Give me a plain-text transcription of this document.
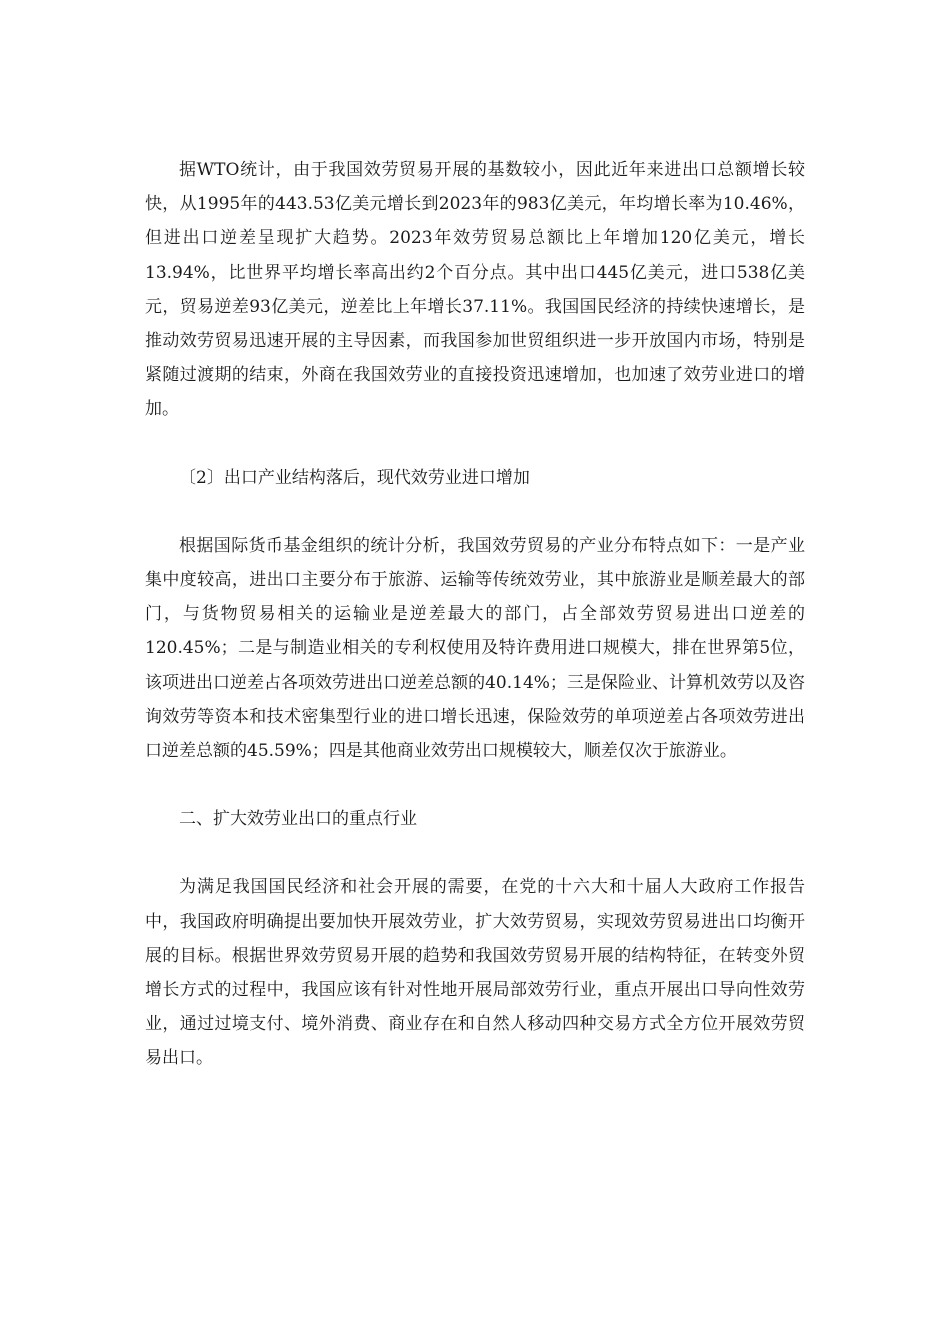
据WTO统计，由于我国效劳贸易开展的基数较小，因此近年来进出口总额增长较快，从1995年的443.53亿美元增长到2023年的983亿美元，年均增长率为10.46%，但进出口逆差呈现扩大趋势。2023年效劳贸易总额比上年增加120亿美元，增长13.94%，比世界平均增长率高出约2个百分点。其中出口445亿美元，进口538亿美元，贸易逆差93亿美元，逆差比上年增长37.11%。我国国民经济的持续快速增长，是推动效劳贸易迅速开展的主导因素，而我国参加世贸组织进一步开放国内市场，特别是紧随过渡期的结束，外商在我国效劳业的直接投资迅速增加，也加速了效劳业进口的增加。

〔2〕出口产业结构落后，现代效劳业进口增加

根据国际货币基金组织的统计分析，我国效劳贸易的产业分布特点如下：一是产业集中度较高，进出口主要分布于旅游、运输等传统效劳业，其中旅游业是顺差最大的部门，与货物贸易相关的运输业是逆差最大的部门，占全部效劳贸易进出口逆差的120.45%；二是与制造业相关的专利权使用及特许费用进口规模大，排在世界第5位，该项进出口逆差占各项效劳进出口逆差总额的40.14%；三是保险业、计算机效劳以及咨询效劳等资本和技术密集型行业的进口增长迅速，保险效劳的单项逆差占各项效劳进出口逆差总额的45.59%；四是其他商业效劳出口规模较大，顺差仅次于旅游业。

二、扩大效劳业出口的重点行业

为满足我国国民经济和社会开展的需要，在党的十六大和十届人大政府工作报告中，我国政府明确提出要加快开展效劳业，扩大效劳贸易，实现效劳贸易进出口均衡开展的目标。根据世界效劳贸易开展的趋势和我国效劳贸易开展的结构特征，在转变外贸增长方式的过程中，我国应该有针对性地开展局部效劳行业，重点开展出口导向性效劳业，通过过境支付、境外消费、商业存在和自然人移动四种交易方式全方位开展效劳贸易出口。
